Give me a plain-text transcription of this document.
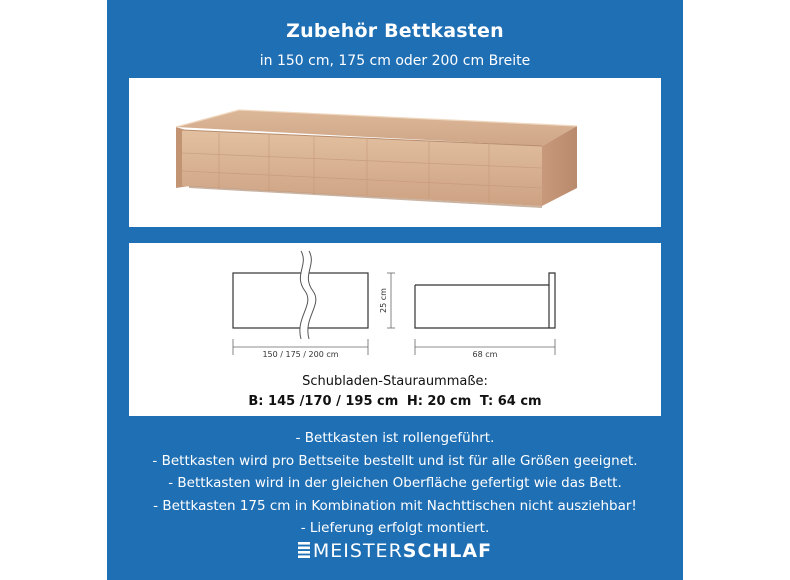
Zubehör Bettkasten
in 150 cm, 175 cm oder 200 cm Breite
150 / 175 / 200 cm	68 cm
25 cm
Schubladen-Stauraummaße:
B: 145 /170 / 195 cm H: 20 cm T: 64 cm
- Bettkasten ist rollengeführt.
- Bettkasten wird pro Bettseite bestellt und ist für alle Größen geeignet.
- Bettkasten wird in der gleichen Oberfläche gefertigt wie das Bett.
- Bettkasten 175 cm in Kombination mit Nachttischen nicht ausziehbar!
- Lieferung erfolgt montiert.
MEISTERSCHLAF
